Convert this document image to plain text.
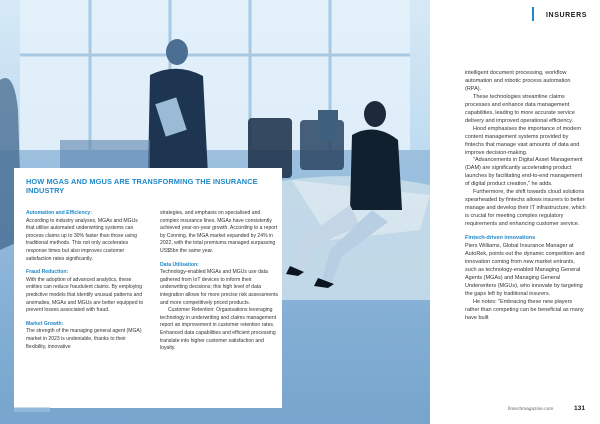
HOW MGAS AND MGUS ARE TRANSFORMING THE INSURANCE INDUSTRY
Automation and Efficiency:
According to industry analyses, MGAs and MGUs that utilise automated underwriting systems can process claims up to 30% faster than those using traditional methods. This not only accelerates response times but also improves customer satisfaction rates significantly.
Fraud Reduction:
With the adoption of advanced analytics, these entities can reduce fraudulent claims. By employing predictive models that identify unusual patterns and anomalies, MGAs and MGUs are better equipped to prevent losses associated with fraud.
Market Growth:
The strength of the managing general agent (MGA) market in 2023 is undeniable, thanks to their flexibility, innovative
strategies, and emphasis on specialised and complex insurance lines. MGAs have consistently achieved year-on-year growth. According to a report by Conning, the MGA market expanded by 24% in 2022, with the total premiums managed surpassing US$5bn the same year.
Data Utilisation:
Technology-enabled MGAs and MGUs use data gathered from IoT devices to inform their underwriting decisions; this high level of data integration allows for more precise risk assessments and more competitively priced products.
Customer Retention: Organisations leveraging technology in underwriting and claims management report an improvement in customer retention rates. Enhanced data capabilities and efficient processing translate into higher customer satisfaction and loyalty.
INSURERS

intelligent document processing, workflow automation and robotic process automation (RPA).

These technologies streamline claims processes and enhance data management capabilities, leading to more accurate service delivery and improved operational efficiency.

Hood emphasises the importance of modern content management systems provided by fintechs that manage vast amounts of data and improve decision-making.

"Advancements in Digital Asset Management (DAM) are significantly accelerating product launches by facilitating end-to-end management of digital product creation," he adds.

Furthermore, the shift towards cloud solutions spearheaded by fintechs allows insurers to better manage and develop their IT infrastructure, which is crucial for meeting complex regulatory requirements and enhancing customer service.

Fintech-driven innovations

Piers Williams, Global Insurance Manager at AutoRek, points out the dynamic competition and innovation coming from new market entrants, such as technology-enabled Managing General Agents (MGAs) and Managing General Underwriters (MGUs), who innovate by targeting the gaps left by traditional insurers.

He notes: "Embracing these new players rather than competing can be beneficial as many have built

fintechmagazine.com	131
